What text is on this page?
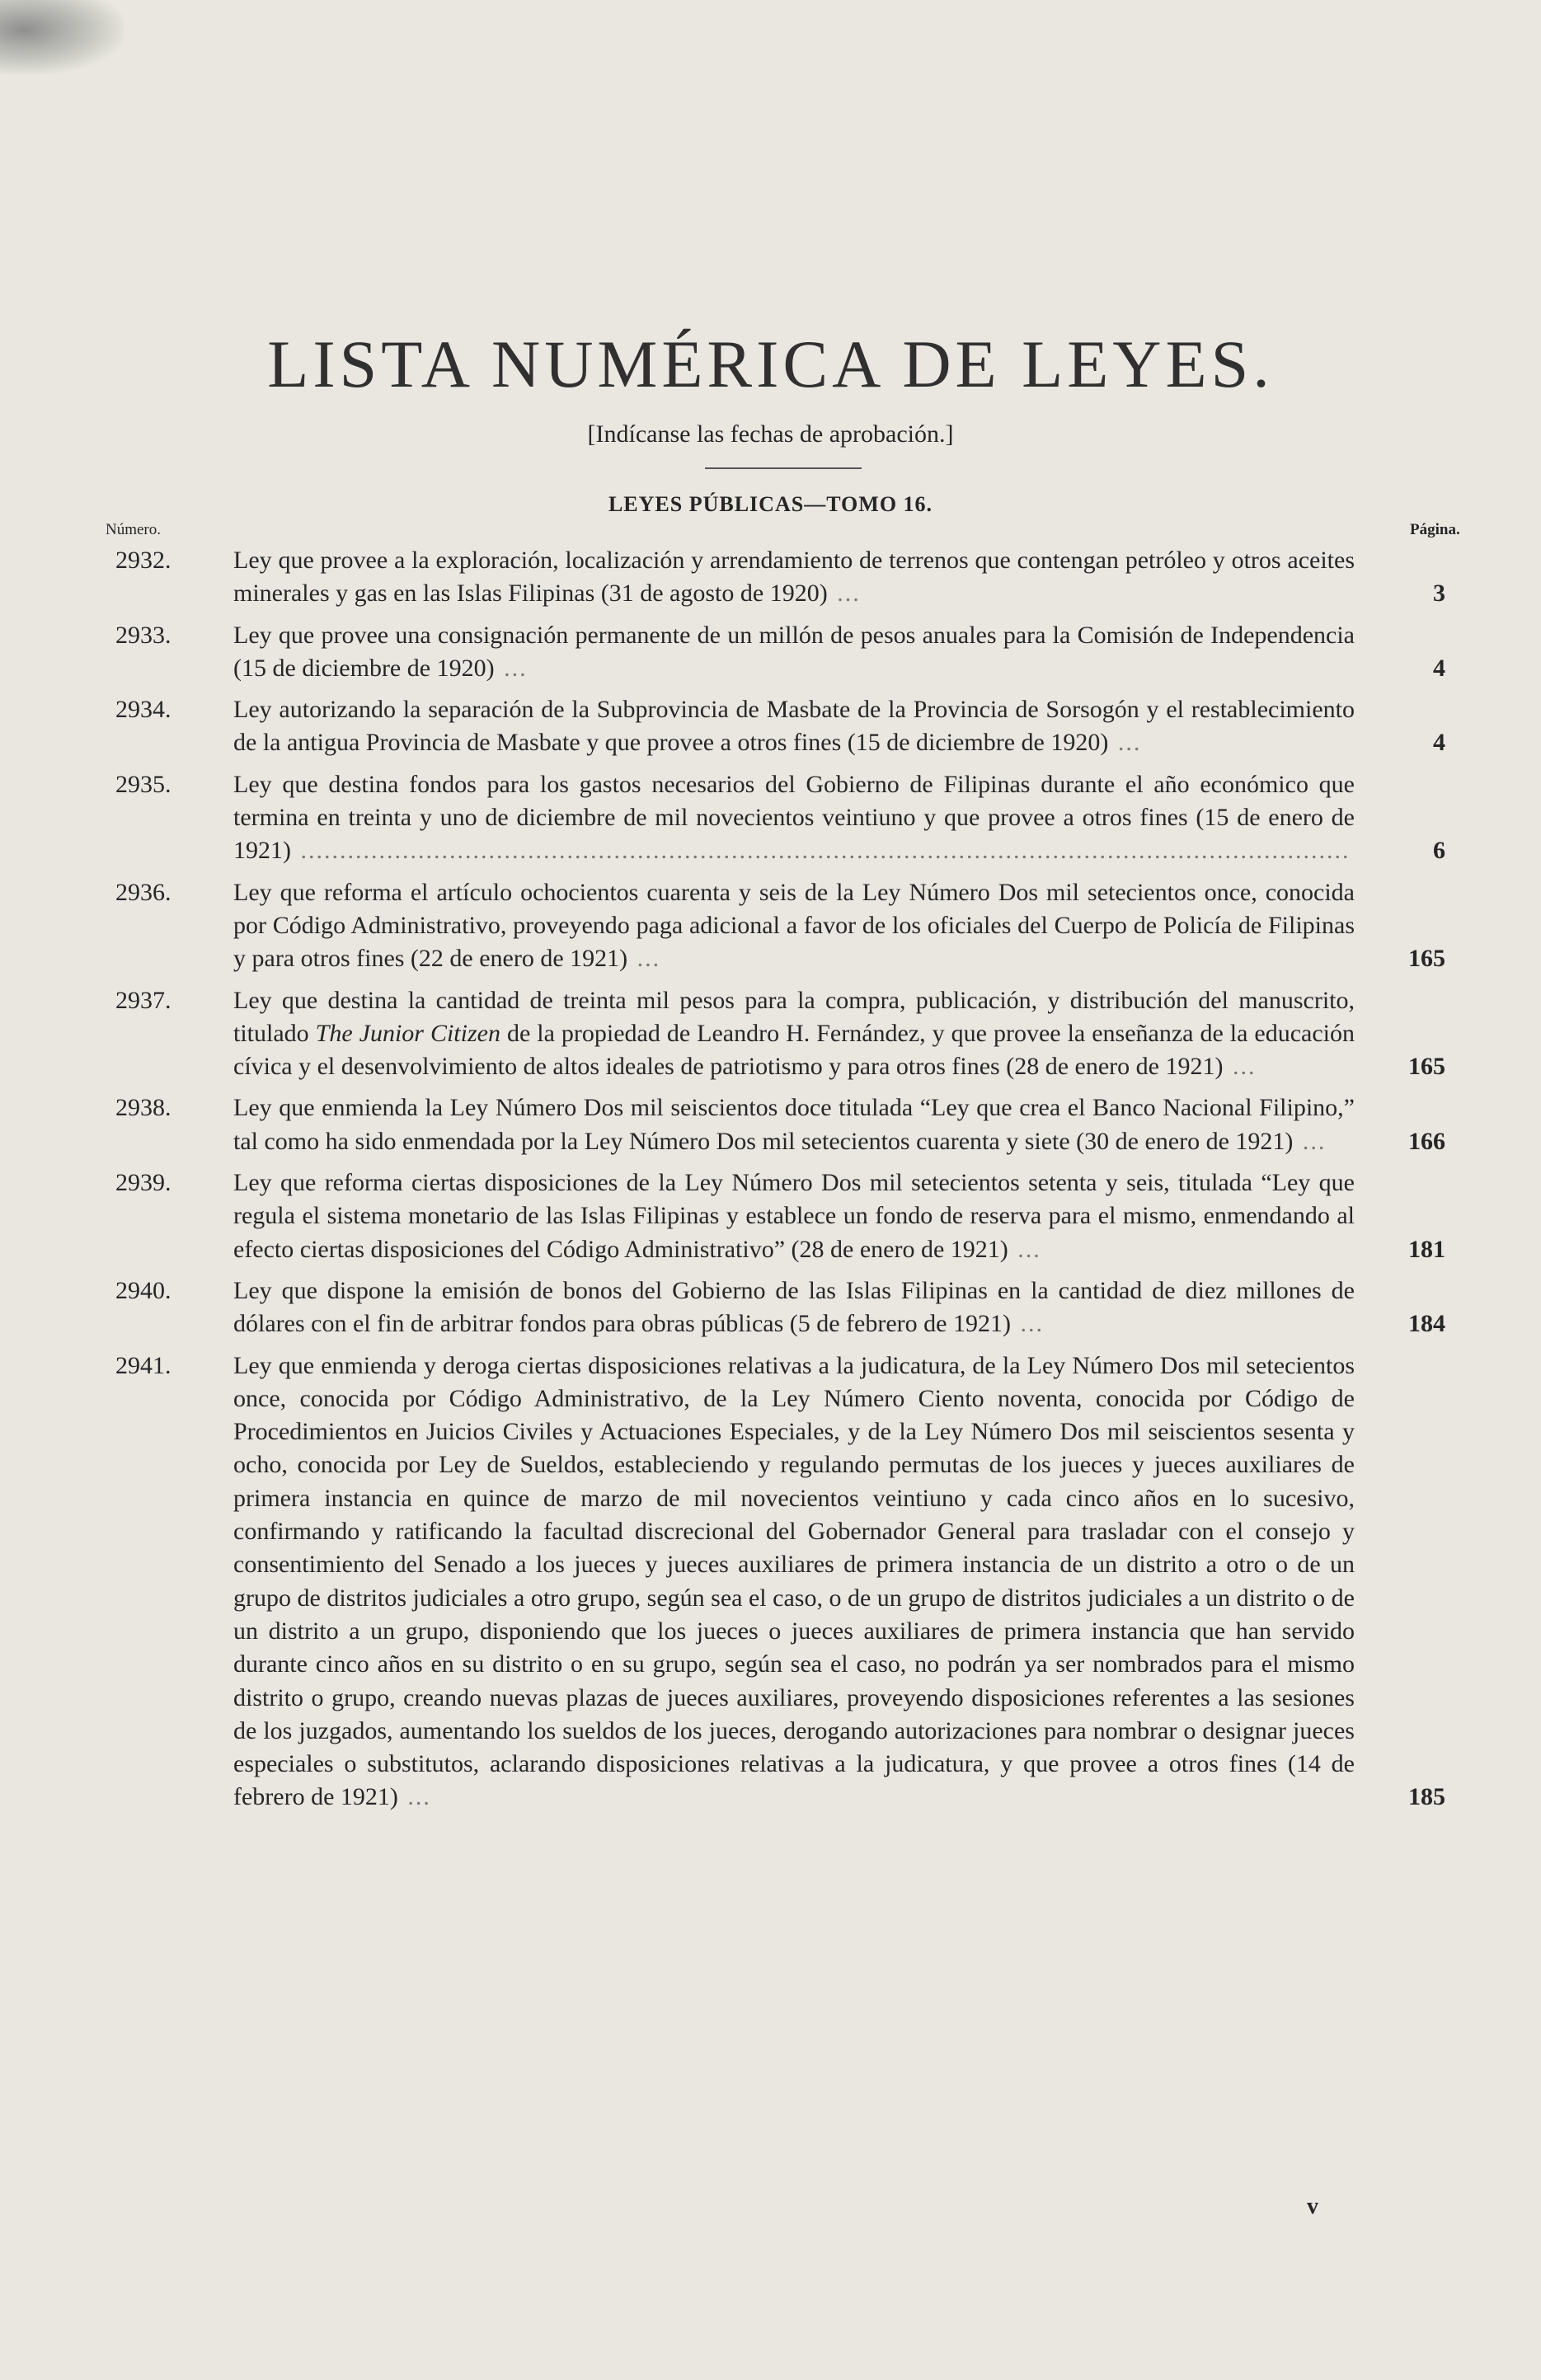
LISTA NUMÉRICA DE LEYES.

[Indícanse las fechas de aprobación.]

LEYES PÚBLICAS—TOMO 16.
Número.	Página.
2932.	Ley que provee a la exploración, localización y arrendamiento de terrenos que contengan petróleo y otros aceites minerales y gas en las Islas Filipinas (31 de agosto de 1920) ...	3
2933.	Ley que provee una consignación permanente de un millón de pesos anuales para la Comisión de Independencia (15 de diciembre de 1920) ...	4
2934.	Ley autorizando la separación de la Subprovincia de Masbate de la Provincia de Sorsogón y el restablecimiento de la antigua Provincia de Masbate y que provee a otros fines (15 de diciembre de 1920) ...	4
2935.	Ley que destina fondos para los gastos necesarios del Gobierno de Filipinas durante el año económico que termina en treinta y uno de diciembre de mil novecientos veintiuno y que provee a otros fines (15 de enero de 1921) ......................................................................................................................................	6
2936.	Ley que reforma el artículo ochocientos cuarenta y seis de la Ley Número Dos mil setecientos once, conocida por Código Administrativo, proveyendo paga adicional a favor de los oficiales del Cuerpo de Policía de Filipinas y para otros fines (22 de enero de 1921) ...	165
2937.	Ley que destina la cantidad de treinta mil pesos para la compra, publicación, y distribución del manuscrito, titulado The Junior Citizen de la propiedad de Leandro H. Fernández, y que provee la enseñanza de la educación cívica y el desenvolvimiento de altos ideales de patriotismo y para otros fines (28 de enero de 1921) ...	165
2938.	Ley que enmienda la Ley Número Dos mil seiscientos doce titulada “Ley que crea el Banco Nacional Filipino,” tal como ha sido enmendada por la Ley Número Dos mil setecientos cuarenta y siete (30 de enero de 1921) ...	166
2939.	Ley que reforma ciertas disposiciones de la Ley Número Dos mil setecientos setenta y seis, titulada “Ley que regula el sistema monetario de las Islas Filipinas y establece un fondo de reserva para el mismo, enmendando al efecto ciertas disposiciones del Código Administrativo” (28 de enero de 1921) ...	181
2940.	Ley que dispone la emisión de bonos del Gobierno de las Islas Filipinas en la cantidad de diez millones de dólares con el fin de arbitrar fondos para obras públicas (5 de febrero de 1921) ...	184
2941.	Ley que enmienda y deroga ciertas disposiciones relativas a la judicatura, de la Ley Número Dos mil setecientos once, conocida por Código Administrativo, de la Ley Número Ciento noventa, conocida por Código de Procedimientos en Juicios Civiles y Actuaciones Especiales, y de la Ley Número Dos mil seiscientos sesenta y ocho, conocida por Ley de Sueldos, estableciendo y regulando permutas de los jueces y jueces auxiliares de primera instancia en quince de marzo de mil novecientos veintiuno y cada cinco años en lo sucesivo, confirmando y ratificando la facultad discrecional del Gobernador General para trasladar con el consejo y consentimiento del Senado a los jueces y jueces auxiliares de primera instancia de un distrito a otro o de un grupo de distritos judiciales a otro grupo, según sea el caso, o de un grupo de distritos judiciales a un distrito o de un distrito a un grupo, disponiendo que los jueces o jueces auxiliares de primera instancia que han servido durante cinco años en su distrito o en su grupo, según sea el caso, no podrán ya ser nombrados para el mismo distrito o grupo, creando nuevas plazas de jueces auxiliares, proveyendo disposiciones referentes a las sesiones de los juzgados, aumentando los sueldos de los jueces, derogando autorizaciones para nombrar o designar jueces especiales o substitutos, aclarando disposiciones relativas a la judicatura, y que provee a otros fines (14 de febrero de 1921) ...	185
v
